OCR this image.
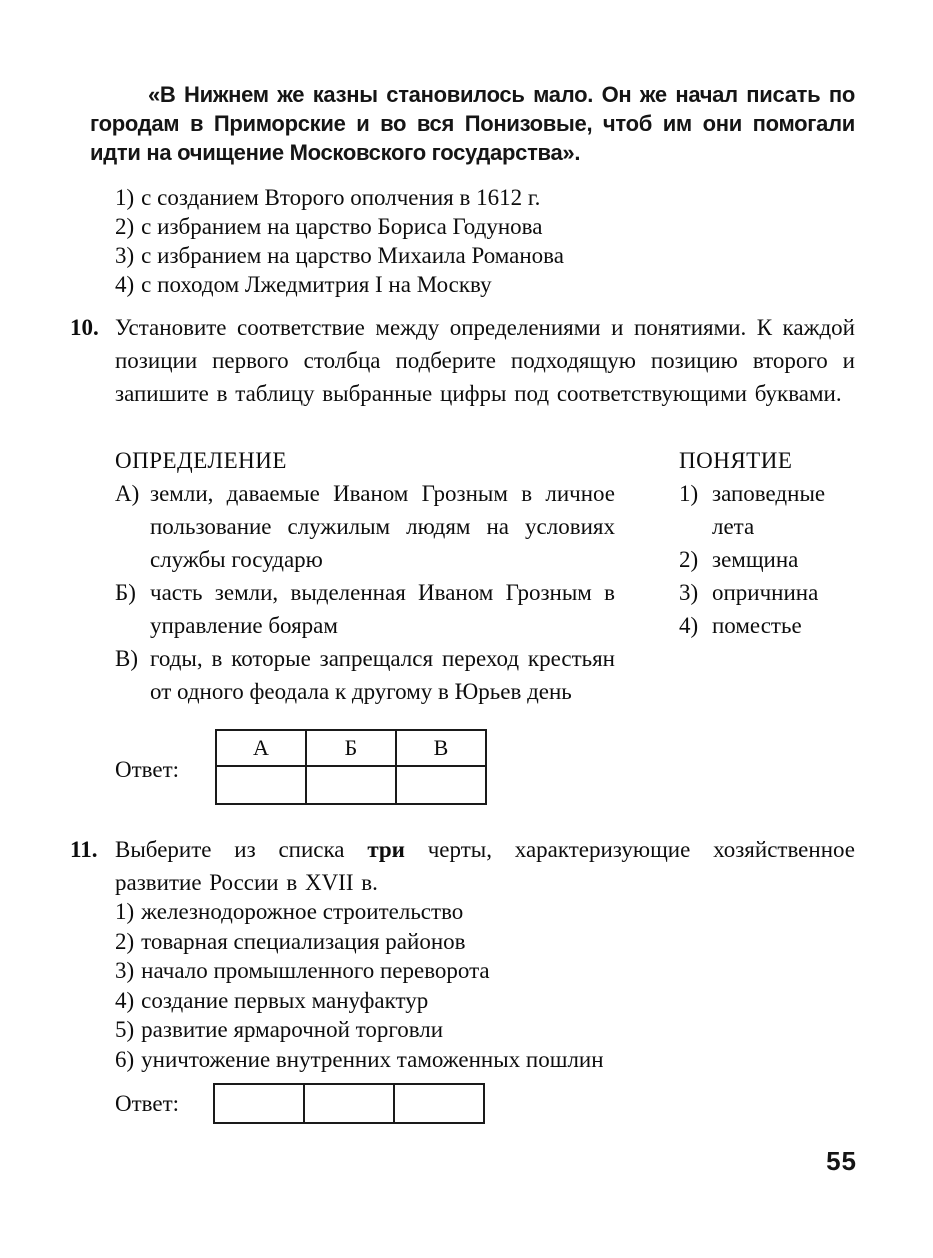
«В Нижнем же казны становилось мало. Он же начал писать по городам в Приморские и во вся Понизовые, чтоб им они помогали идти на очищение Московского государства».

1) с созданием Второго ополчения в 1612 г.
2) с избранием на царство Бориса Годунова
3) с избранием на царство Михаила Романова
4) с походом Лжедмитрия I на Москву
10. Установите соответствие между определениями и понятиями. К каждой позиции первого столбца подберите подходящую позицию второго и запишите в таблицу выбранные цифры под соответствующими буквами.

ОПРЕДЕЛЕНИЕ
А) земли, даваемые Иваном Грозным в личное пользование служилым людям на условиях службы государю
Б) часть земли, выделенная Иваном Грозным в управление боярам
В) годы, в которые запрещался переход крестьян от одного феодала к другому в Юрьев день
ПОНЯТИЕ
1) заповедные лета
2) земщина
3) опричнина
4) поместье
Ответ:
А	Б	В

11. Выберите из списка три черты, характеризующие хозяйственное развитие России в XVII в.

1) железнодорожное строительство
2) товарная специализация районов
3) начало промышленного переворота
4) создание первых мануфактур
5) развитие ярмарочной торговли
6) уничтожение внутренних таможенных пошлин
Ответ:

55
